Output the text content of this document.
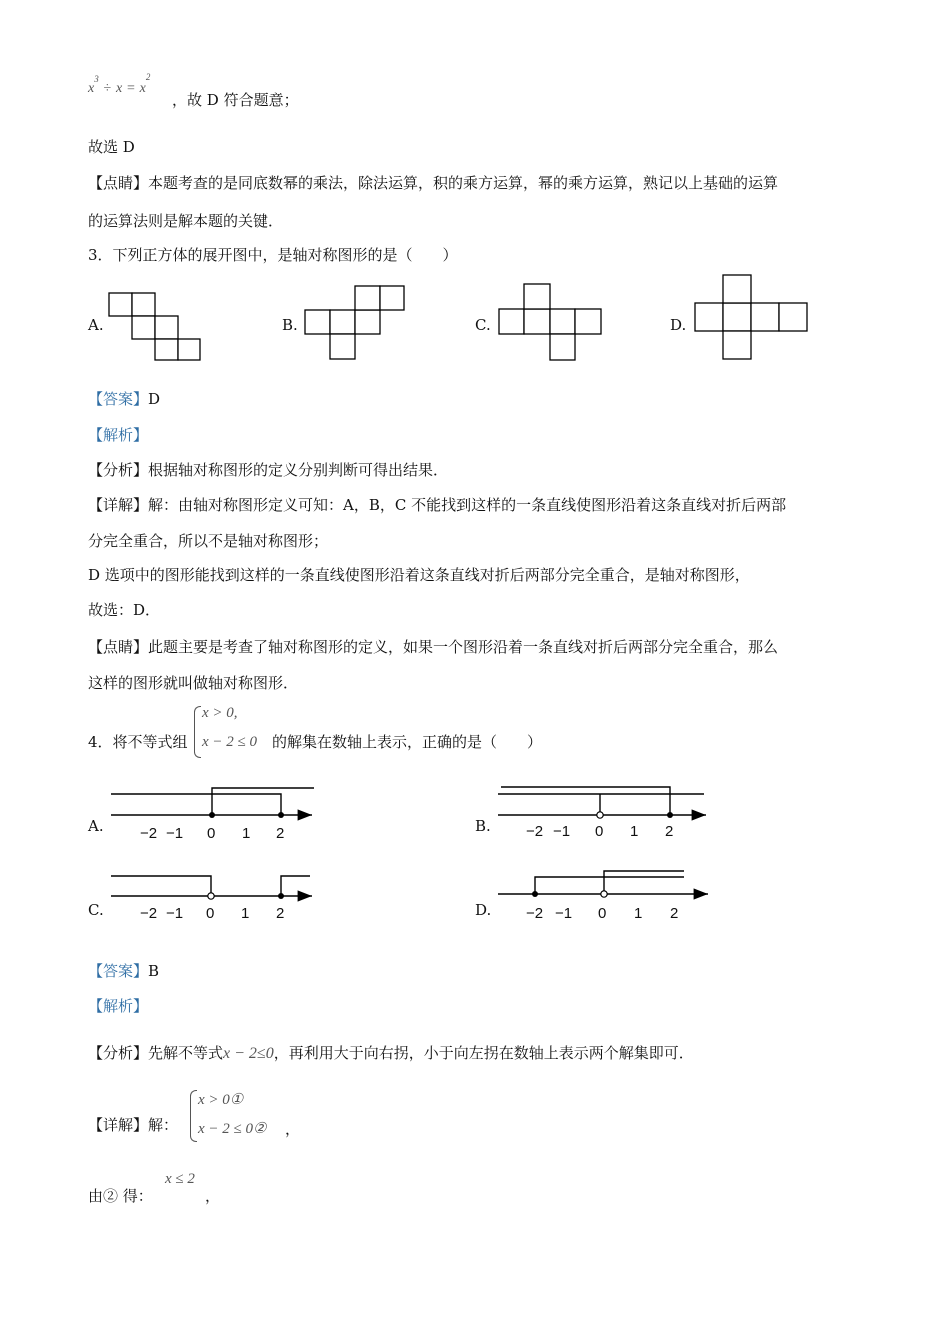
$x^3 \div x = x^2$
，故 D 符合题意；
故选 D
【点睛】本题考查的是同底数幂的乘法，除法运算，积的乘方运算，幂的乘方运算，熟记以上基础的运算
的运算法则是解本题的关键．
3．下列正方体的展开图中，是轴对称图形的是（　　）
A.	B.	C.	D.
【答案】D
【解析】
【分析】根据轴对称图形的定义分别判断可得出结果．
【详解】解：由轴对称图形定义可知：A，B，C 不能找到这样的一条直线使图形沿着这条直线对折后两部
分完全重合，所以不是轴对称图形；
D 选项中的图形能找到这样的一条直线使图形沿着这条直线对折后两部分完全重合，是轴对称图形，
故选：D．
【点睛】此题主要是考查了轴对称图形的定义，如果一个图形沿着一条直线对折后两部分完全重合，那么
这样的图形就叫做轴对称图形．
4．将不等式组
x > 0,
x − 2 ≤ 0 的解集在数轴上表示，正确的是（　　）
A.	B.
C.	D.
−2 −1 0 1 2	−2 −1 0 1 2
−2 −1 0 1 2	−2 −1 0 1 2
【答案】B
【解析】
【分析】先解不等式x − 2≤0，再利用大于向右拐，小于向左拐在数轴上表示两个解集即可．
【详解】解：
x > 0①
x − 2 ≤ 0② ，
由② 得：
x ≤ 2
，
